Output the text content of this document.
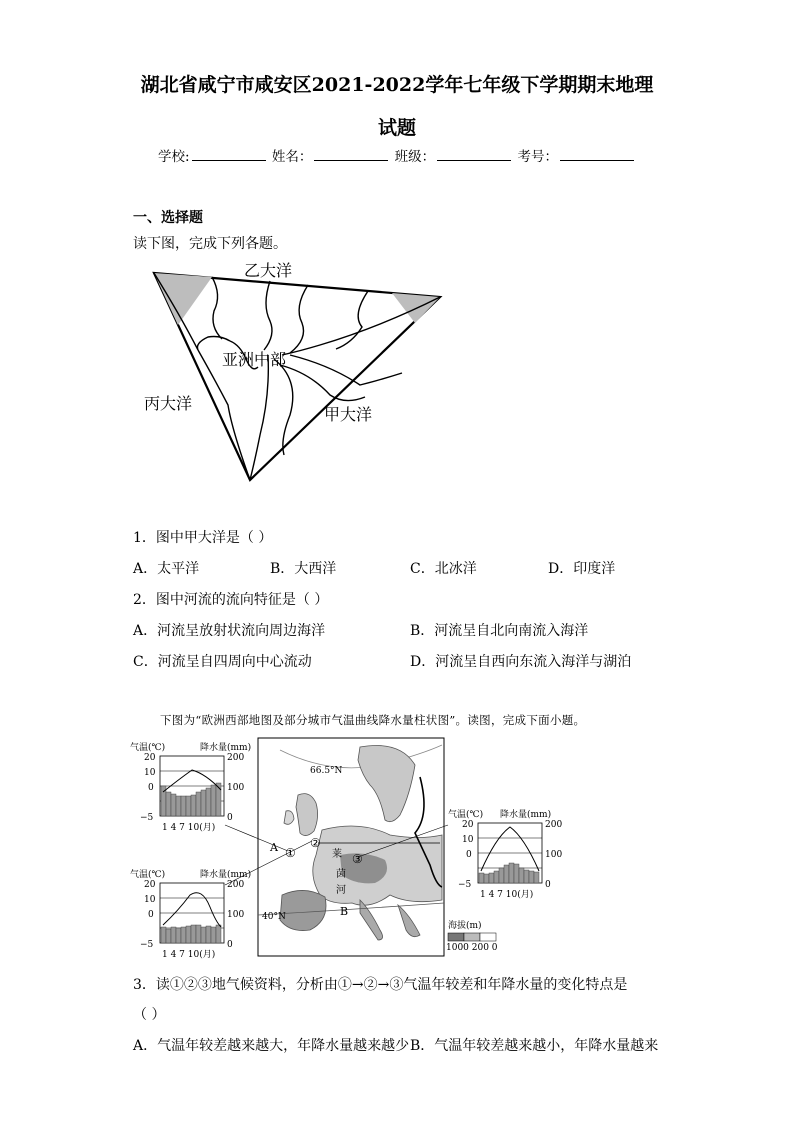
湖北省咸宁市咸安区2021-2022学年七年级下学期期末地理
试题
学校:	姓名：	班级：	考号：
一、选择题
读下图，完成下列各题。
乙大洋
丙大洋
甲大洋
亚洲中部
1．图中甲大洋是（ ）
A．太平洋	B．大西洋	C．北冰洋	D．印度洋
2．图中河流的流向特征是（ ）
A．河流呈放射状流向周边海洋	B．河流呈自北向南流入海洋
C．河流呈自四周向中心流动	D．河流呈自西向东流入海洋与湖泊
下图为“欧洲西部地图及部分城市气温曲线降水量柱状图”。读图，完成下面小题。
66.5°N
40°N
A
B
①
②
③
莱
茵
河
海拔(m)
1000 200 0
气温(℃)	降水量(mm)
20
10
0
−5
200
100
0
1 4 7 10(月)
气温(℃)	降水量(mm)
20
10
0
−5
200
100
0
1 4 7 10(月)
气温(℃) 降水量(mm)
20
10
0
−5
200
100
0
1 4 7 10(月)
3．读①②③地气候资料，分析由①→②→③气温年较差和年降水量的变化特点是
（ ）
A．气温年较差越来越大，年降水量越来越少 B．气温年较差越来越小，年降水量越来
